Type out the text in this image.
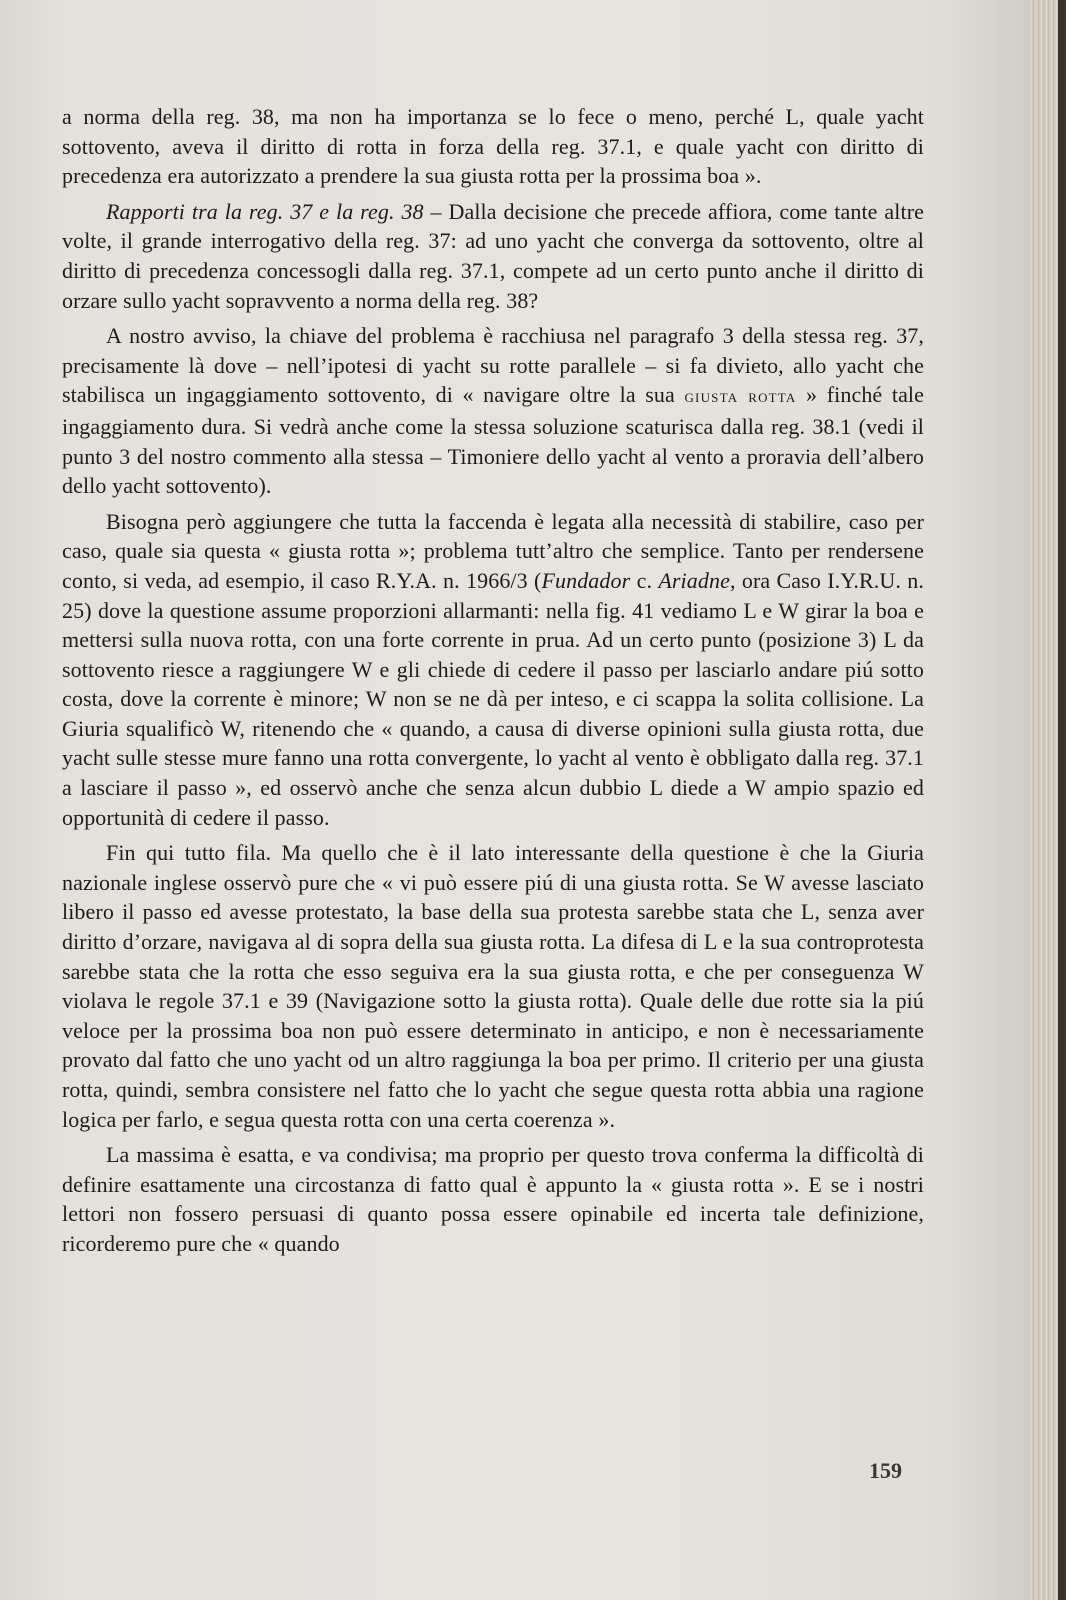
a norma della reg. 38, ma non ha importanza se lo fece o meno, perché L, quale yacht sottovento, aveva il diritto di rotta in forza della reg. 37.1, e quale yacht con diritto di precedenza era autorizzato a prendere la sua giusta rotta per la prossima boa ».

Rapporti tra la reg. 37 e la reg. 38 – Dalla decisione che precede affiora, come tante altre volte, il grande interrogativo della reg. 37: ad uno yacht che converga da sottovento, oltre al diritto di precedenza concessogli dalla reg. 37.1, compete ad un certo punto anche il diritto di orzare sullo yacht sopravvento a norma della reg. 38?

A nostro avviso, la chiave del problema è racchiusa nel paragrafo 3 della stessa reg. 37, precisamente là dove – nell’ipotesi di yacht su rotte parallele – si fa divieto, allo yacht che stabilisca un ingaggiamento sottovento, di « navigare oltre la sua giusta rotta » finché tale ingaggiamento dura. Si vedrà anche come la stessa soluzione scaturisca dalla reg. 38.1 (vedi il punto 3 del nostro commento alla stessa – Timoniere dello yacht al vento a proravia dell’albero dello yacht sottovento).

Bisogna però aggiungere che tutta la faccenda è legata alla necessità di stabilire, caso per caso, quale sia questa « giusta rotta »; problema tutt’altro che semplice. Tanto per rendersene conto, si veda, ad esempio, il caso R.Y.A. n. 1966/3 (Fundador c. Ariadne, ora Caso I.Y.R.U. n. 25) dove la questione assume proporzioni allarmanti: nella fig. 41 vediamo L e W girar la boa e mettersi sulla nuova rotta, con una forte corrente in prua. Ad un certo punto (posizione 3) L da sottovento riesce a raggiungere W e gli chiede di cedere il passo per lasciarlo andare piú sotto costa, dove la corrente è minore; W non se ne dà per inteso, e ci scappa la solita collisione. La Giuria squalificò W, ritenendo che « quando, a causa di diverse opinioni sulla giusta rotta, due yacht sulle stesse mure fanno una rotta convergente, lo yacht al vento è obbligato dalla reg. 37.1 a lasciare il passo », ed osservò anche che senza alcun dubbio L diede a W ampio spazio ed opportunità di cedere il passo.

Fin qui tutto fila. Ma quello che è il lato interessante della questione è che la Giuria nazionale inglese osservò pure che « vi può essere piú di una giusta rotta. Se W avesse lasciato libero il passo ed avesse protestato, la base della sua protesta sarebbe stata che L, senza aver diritto d’orzare, navigava al di sopra della sua giusta rotta. La difesa di L e la sua controprotesta sarebbe stata che la rotta che esso seguiva era la sua giusta rotta, e che per conseguenza W violava le regole 37.1 e 39 (Navigazione sotto la giusta rotta). Quale delle due rotte sia la piú veloce per la prossima boa non può essere determinato in anticipo, e non è necessariamente provato dal fatto che uno yacht od un altro raggiunga la boa per primo. Il criterio per una giusta rotta, quindi, sembra consistere nel fatto che lo yacht che segue questa rotta abbia una ragione logica per farlo, e segua questa rotta con una certa coerenza ».

La massima è esatta, e va condivisa; ma proprio per questo trova conferma la difficoltà di definire esattamente una circostanza di fatto qual è appunto la « giusta rotta ». E se i nostri lettori non fossero persuasi di quanto possa essere opinabile ed incerta tale definizione, ricorderemo pure che « quando

159
